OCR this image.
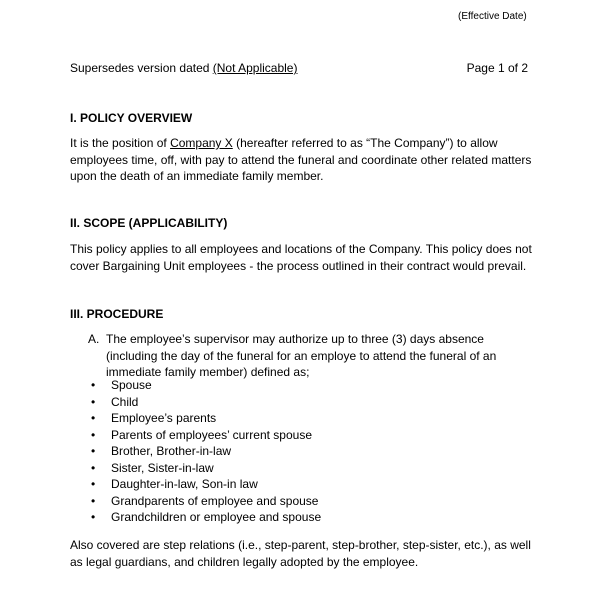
(Effective Date)
Supersedes version dated (Not Applicable)	Page 1 of 2
I. POLICY OVERVIEW
It is the position of Company X (hereafter referred to as “The Company”) to allow employees time, off, with pay to attend the funeral and coordinate other related matters upon the death of an immediate family member.
II. SCOPE (APPLICABILITY)
This policy applies to all employees and locations of the Company. This policy does not cover Bargaining Unit employees - the process outlined in their contract would prevail.
III. PROCEDURE
A. The employee’s supervisor may authorize up to three (3) days absence (including the day of the funeral for an employe to attend the funeral of an immediate family member) defined as;
• Spouse
• Child
• Employee’s parents
• Parents of employees’ current spouse
• Brother, Brother-in-law
• Sister, Sister-in-law
• Daughter-in-law, Son-in law
• Grandparents of employee and spouse
• Grandchildren or employee and spouse
Also covered are step relations (i.e., step-parent, step-brother, step-sister, etc.), as well as legal guardians, and children legally adopted by the employee.
